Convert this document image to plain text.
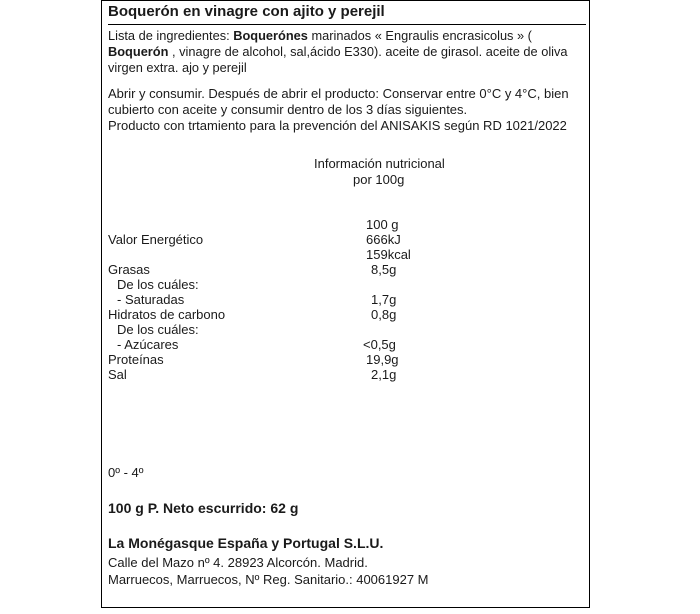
Boquerón en vinagre con ajito y perejil
Lista de ingredientes: Boquerónes marinados « Engraulis encrasicolus » ( Boquerón , vinagre de alcohol, sal,ácido E330). aceite de girasol. aceite de oliva virgen extra. ajo y perejil
Abrir y consumir. Después de abrir el producto: Conservar entre 0°C y 4°C, bien
cubierto con aceite y consumir dentro de los 3 días siguientes.
Producto con trtamiento para la prevención del ANISAKIS según RD 1021/2022
Información nutricional
por 100g
100 g
Valor Energético	666kJ
159kcal
Grasas	8,5g
De los cuáles:
- Saturadas	1,7g
Hidratos de carbono	0,8g
De los cuáles:
- Azúcares	<0,5g
Proteínas	19,9g
Sal	2,1g
0º - 4º
100 g P. Neto escurrido: 62 g
La Monégasque España y Portugal S.L.U.
Calle del Mazo nº 4. 28923 Alcorcón. Madrid.
Marruecos, Marruecos, Nº Reg. Sanitario.: 40061927 M
